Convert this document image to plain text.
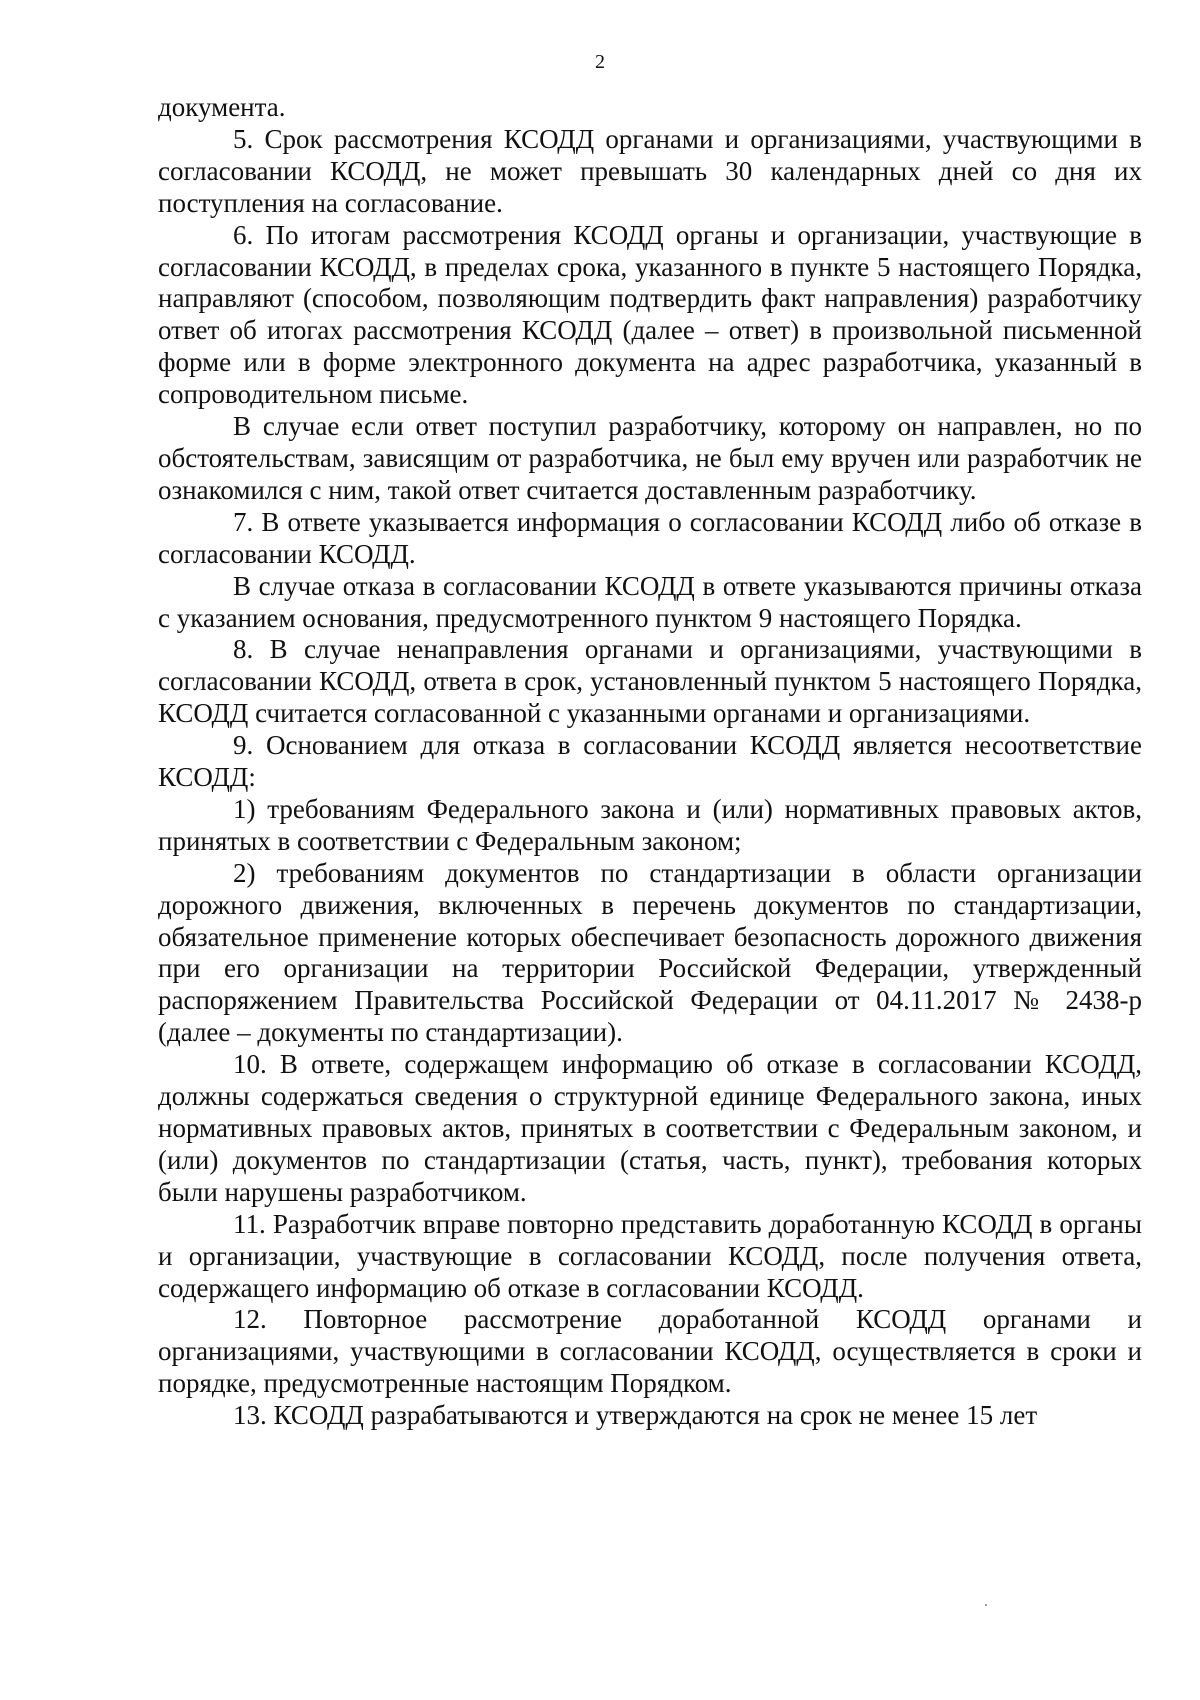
2

документа.

5. Срок рассмотрения КСОДД органами и организациями, участвующими в согласовании КСОДД, не может превышать 30 календарных дней со дня их поступления на согласование.

6. По итогам рассмотрения КСОДД органы и организации, участвующие в согласовании КСОДД, в пределах срока, указанного в пункте 5 настоящего Порядка, направляют (способом, позволяющим подтвердить факт направления) разработчику ответ об итогах рассмотрения КСОДД (далее – ответ) в произвольной письменной форме или в форме электронного документа на адрес разработчика, указанный в сопроводительном письме.

В случае если ответ поступил разработчику, которому он направлен, но по обстоятельствам, зависящим от разработчика, не был ему вручен или разработчик не ознакомился с ним, такой ответ считается доставленным разработчику.

7. В ответе указывается информация о согласовании КСОДД либо об отказе в согласовании КСОДД.

В случае отказа в согласовании КСОДД в ответе указываются причины отказа с указанием основания, предусмотренного пунктом 9 настоящего Порядка.

8. В случае ненаправления органами и организациями, участвующими в согласовании КСОДД, ответа в срок, установленный пунктом 5 настоящего Порядка, КСОДД считается согласованной с указанными органами и организациями.

9. Основанием для отказа в согласовании КСОДД является несоответствие КСОДД:

1) требованиям Федерального закона и (или) нормативных правовых актов, принятых в соответствии с Федеральным законом;

2) требованиям документов по стандартизации в области организации дорожного движения, включенных в перечень документов по стандартизации, обязательное применение которых обеспечивает безопасность дорожного движения при его организации на территории Российской Федерации, утвержденный распоряжением Правительства Российской Федерации от 04.11.2017 № 2438-р (далее – документы по стандартизации).

10. В ответе, содержащем информацию об отказе в согласовании КСОДД, должны содержаться сведения о структурной единице Федерального закона, иных нормативных правовых актов, принятых в соответствии с Федеральным законом, и (или) документов по стандартизации (статья, часть, пункт), требования которых были нарушены разработчиком.

11. Разработчик вправе повторно представить доработанную КСОДД в органы и организации, участвующие в согласовании КСОДД, после получения ответа, содержащего информацию об отказе в согласовании КСОДД.

12. Повторное рассмотрение доработанной КСОДД органами и организациями, участвующими в согласовании КСОДД, осуществляется в сроки и порядке, предусмотренные настоящим Порядком.

13. КСОДД разрабатываются и утверждаются на срок не менее 15 лет
